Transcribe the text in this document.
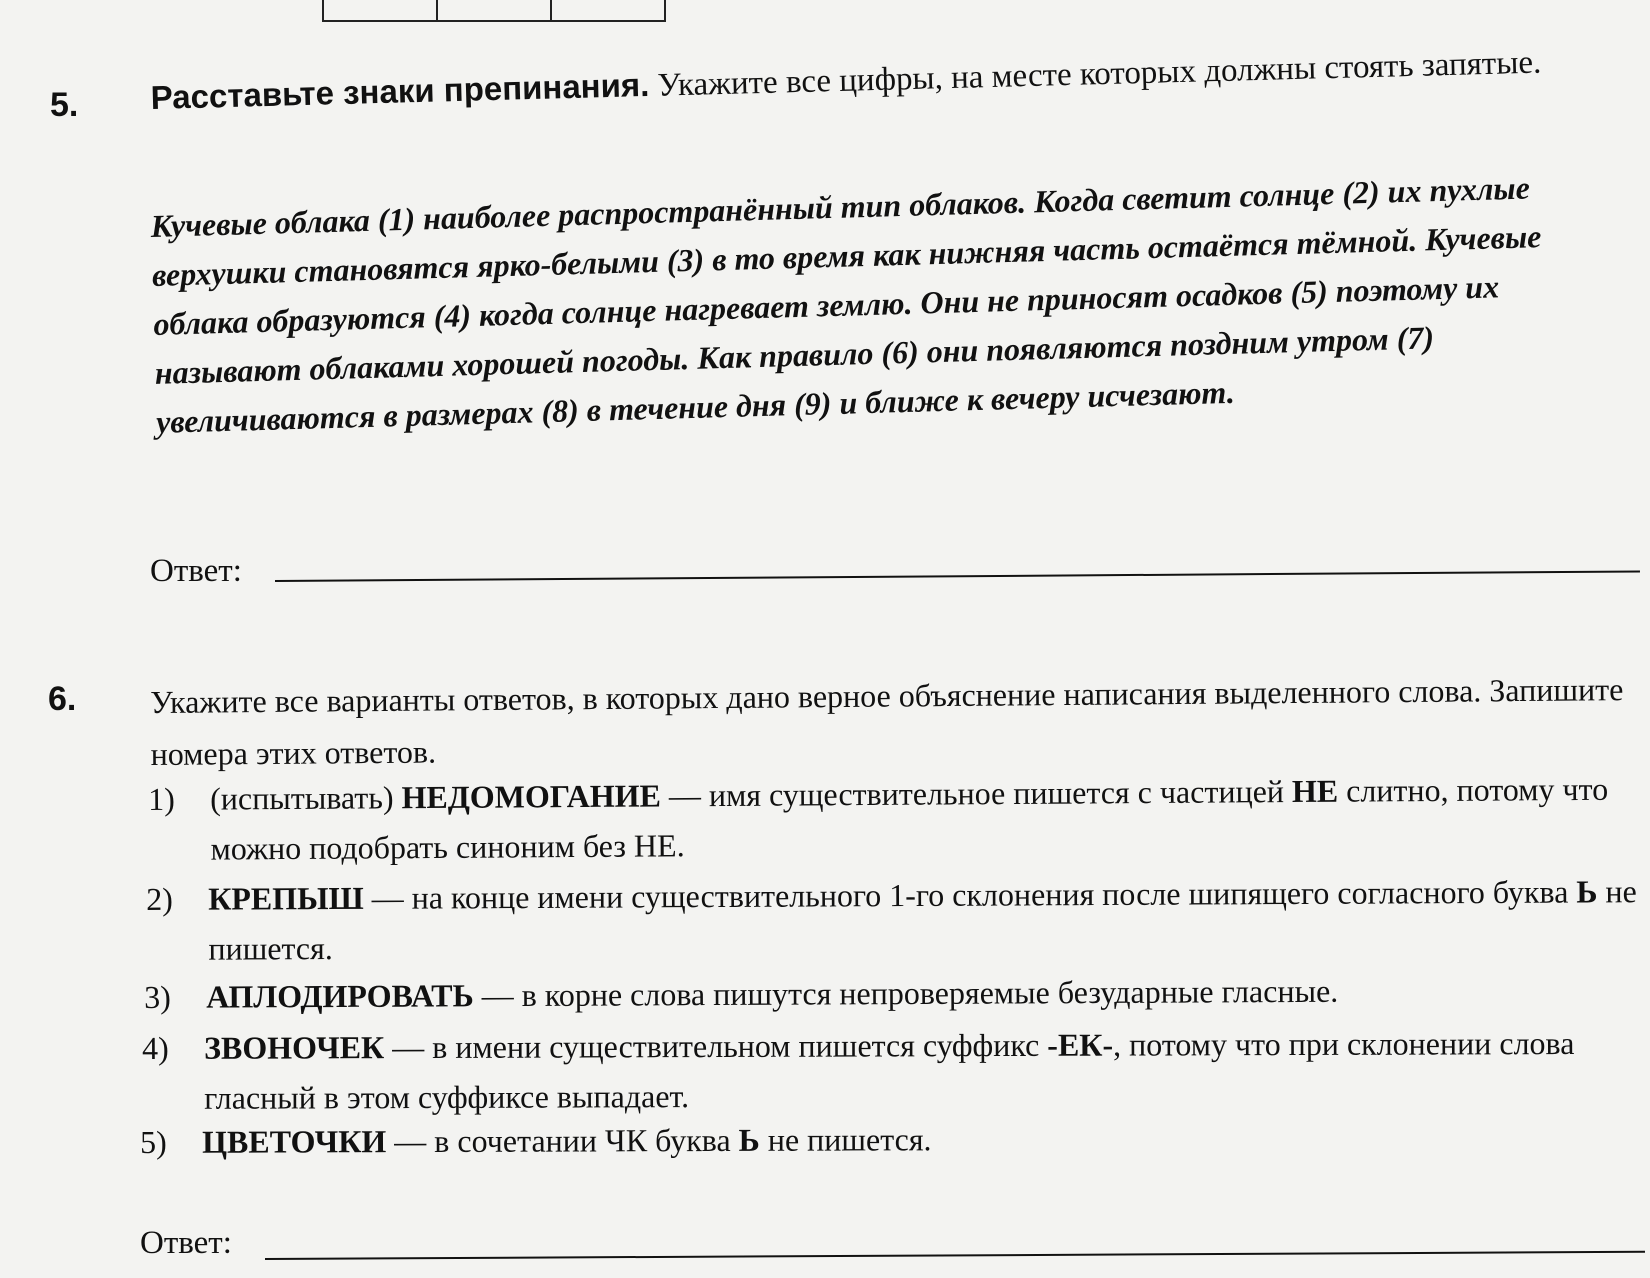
5. Расставьте знаки препинания. Укажите все цифры, на месте которых должны стоять запятые.
Кучевые облака (1) наиболее распространённый тип облаков. Когда светит солнце (2) их пухлые верхушки становятся ярко-белыми (3) в то время как нижняя часть остаётся тёмной. Кучевые облака образуются (4) когда солнце нагревает землю. Они не приносят осадков (5) поэтому их называют облаками хорошей погоды. Как правило (6) они появляются поздним утром (7) увеличиваются в размерах (8) в течение дня (9) и ближе к вечеру исчезают.
Ответ:
6. Укажите все варианты ответов, в которых дано верное объяснение написания выделенного слова. Запишите номера этих ответов.
1) (испытывать) НЕДОМОГАНИЕ — имя существительное пишется с частицей НЕ слитно, потому что можно подобрать синоним без НЕ.
2) КРЕПЫШ — на конце имени существительного 1-го склонения после шипящего согласного буква Ь не пишется.
3) АПЛОДИРОВАТЬ — в корне слова пишутся непроверяемые безударные гласные.
4) ЗВОНОЧЕК — в имени существительном пишется суффикс -ЕК-, потому что при склонении слова гласный в этом суффиксе выпадает.
5) ЦВЕТОЧКИ — в сочетании ЧК буква Ь не пишется.
Ответ:
